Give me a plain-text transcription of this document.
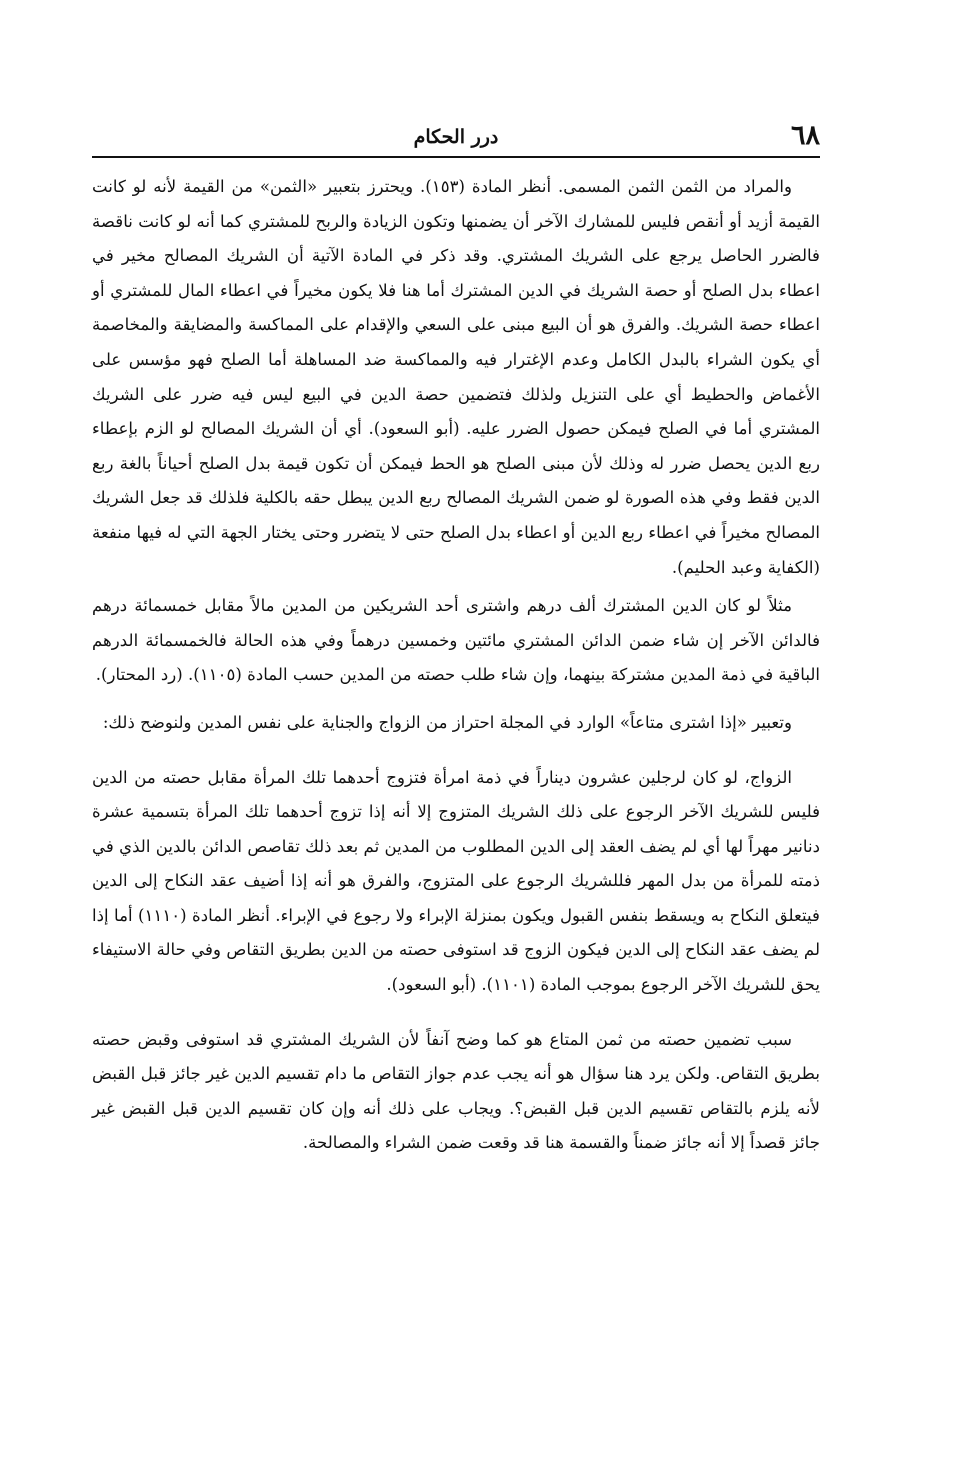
٦٨
درر الحكام

والمراد من الثمن الثمن المسمى. أنظر المادة (١٥٣). ويحترز بتعبير «الثمن» من القيمة لأنه لو كانت القيمة أزيد أو أنقص فليس للمشارك الآخر أن يضمنها وتكون الزيادة والربح للمشتري كما أنه لو كانت ناقصة فالضرر الحاصل يرجع على الشريك المشتري. وقد ذكر في المادة الآتية أن الشريك المصالح مخير في اعطاء بدل الصلح أو حصة الشريك في الدين المشترك أما هنا فلا يكون مخيراً في اعطاء المال للمشتري أو اعطاء حصة الشريك. والفرق هو أن البيع مبنى على السعي والإقدام على المماكسة والمضايقة والمخاصمة أي يكون الشراء بالبدل الكامل وعدم الإغترار فيه والمماكسة ضد المساهلة أما الصلح فهو مؤسس على الأغماض والحطيط أي على التنزيل ولذلك فتضمين حصة الدين في البيع ليس فيه ضرر على الشريك المشتري أما في الصلح فيمكن حصول الضرر عليه. (أبو السعود). أي أن الشريك المصالح لو الزم بإعطاء ربع الدين يحصل ضرر له وذلك لأن مبنى الصلح هو الحط فيمكن أن تكون قيمة بدل الصلح أحياناً بالغة ربع الدين فقط وفي هذه الصورة لو ضمن الشريك المصالح ربع الدين يبطل حقه بالكلية فلذلك قد جعل الشريك المصالح مخيراً في اعطاء ربع الدين أو اعطاء بدل الصلح حتى لا يتضرر وحتى يختار الجهة التي له فيها منفعة (الكفاية وعبد الحليم).

مثلاً لو كان الدين المشترك ألف درهم واشترى أحد الشريكين من المدين مالاً مقابل خمسمائة درهم فالدائن الآخر إن شاء ضمن الدائن المشتري مائتين وخمسين درهماً وفي هذه الحالة فالخمسمائة الدرهم الباقية في ذمة المدين مشتركة بينهما، وإن شاء طلب حصته من المدين حسب المادة (١١٠٥). (رد المحتار).

وتعبير «إذا اشترى متاعاً» الوارد في المجلة احتراز من الزواج والجناية على نفس المدين ولنوضح ذلك:

الزواج، لو كان لرجلين عشرون ديناراً في ذمة امرأة فتزوج أحدهما تلك المرأة مقابل حصته من الدين فليس للشريك الآخر الرجوع على ذلك الشريك المتزوج إلا أنه إذا تزوج أحدهما تلك المرأة بتسمية عشرة دنانير مهراً لها أي لم يضف العقد إلى الدين المطلوب من المدين ثم بعد ذلك تقاصص الدائن بالدين الذي في ذمته للمرأة من بدل المهر فللشريك الرجوع على المتزوج، والفرق هو أنه إذا أضيف عقد النكاح إلى الدين فيتعلق النكاح به ويسقط بنفس القبول ويكون بمنزلة الإبراء ولا رجوع في الإبراء. أنظر المادة (١١١٠) أما إذا لم يضف عقد النكاح إلى الدين فيكون الزوج قد استوفى حصته من الدين بطريق التقاص وفي حالة الاستيفاء يحق للشريك الآخر الرجوع بموجب المادة (١١٠١). (أبو السعود).

سبب تضمين حصته من ثمن المتاع هو كما وضح آنفاً لأن الشريك المشتري قد استوفى وقبض حصته بطريق التقاص. ولكن يرد هنا سؤال هو أنه يجب عدم جواز التقاص ما دام تقسيم الدين غير جائز قبل القبض لأنه يلزم بالتقاص تقسيم الدين قبل القبض؟. ويجاب على ذلك أنه وإن كان تقسيم الدين قبل القبض غير جائز قصداً إلا أنه جائز ضمناً والقسمة هنا قد وقعت ضمن الشراء والمصالحة.
